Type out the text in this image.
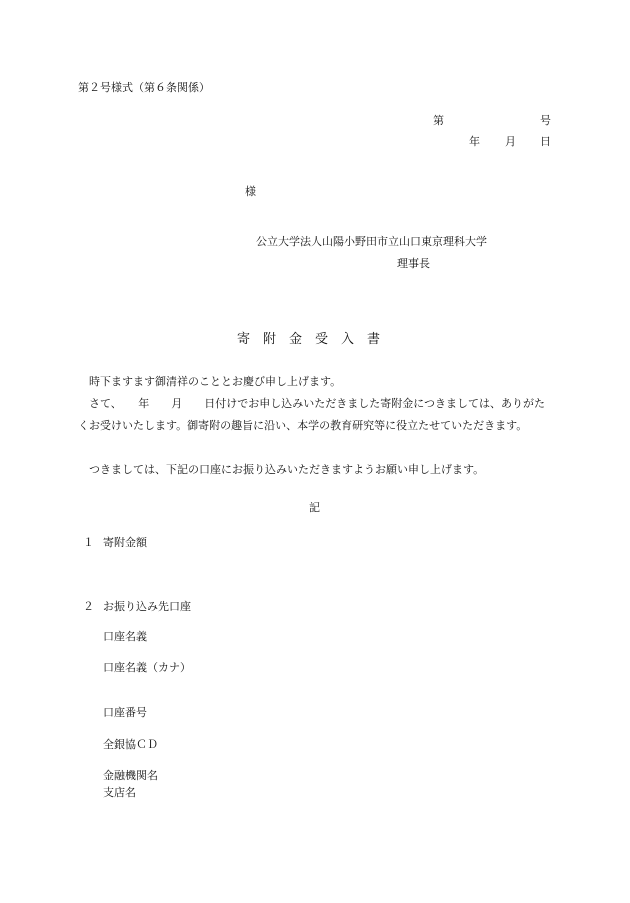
第２号様式（第６条関係）
第	号
年 月 日
様
公立大学法人山陽小野田市立山口東京理科大学
理事長
寄附金受入書

時下ますます御清祥のこととお慶び申し上げます。

さて、　　年　　月　　日付けでお申し込みいただきました寄附金につきましては、ありがたくお受けいたします。御寄附の趣旨に沿い、本学の教育研究等に役立たせていただきます。

つきましては、下記の口座にお振り込みいただきますようお願い申し上げます。

記
１ 寄附金額
２ お振り込み先口座
口座名義
口座名義（カナ）
口座番号
全銀協ＣＤ
金融機関名
支店名
